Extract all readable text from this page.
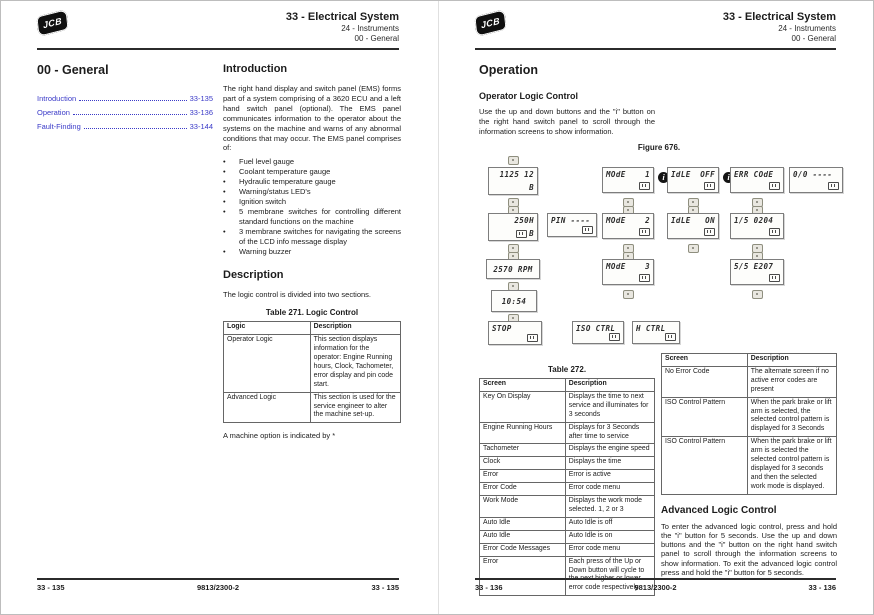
JCB	33 - Electrical System
24 - Instruments
00 - General
00 - General
Introduction	33-135
Operation	33-136
Fault-Finding	33-144
Introduction
The right hand display and switch panel (EMS) forms part of a system comprising of a 3620 ECU and a left hand switch panel (optional). The EMS panel communicates information to the operator about the systems on the machine and warns of any abnormal conditions that may occur. The EMS panel comprises of:
•
Fuel level gauge
•
Coolant temperature gauge
•
Hydraulic temperature gauge
•
Warning/status LED's
•
Ignition switch
•
5 membrane switches for controlling different standard functions on the machine
•
3 membrane switches for navigating the screens of the LCD info message display
•
Warning buzzer
Description
The logic control is divided into two sections.
Table 271. Logic Control
Logic	Description
Operator Logic	This section displays information for the operator: Engine Running hours, Clock, Tachometer, error display and pin code start.
Advanced Logic	This section is used for the service engineer to alter the machine set-up.
A machine option is indicated by *
33 - 135	9813/2300-2	33 - 135
JCB	33 - Electrical System
24 - Instruments
00 - General
Operation
Operator Logic Control
Use the up and down buttons and the "i" button on the right hand switch panel to scroll through the information screens to show information.
Figure 676.
1125 12
B
250H
B
2570 RPM
10:54
STOP
PIN ----
MOdE	1
MOdE	2
MOdE	3
i IdLE OFF
IdLE ON
i ERR COdE
1/5 0204
5/5 E207
0/0 ----
ISO CTRL	H CTRL
Table 272.
Screen	Description
Key On Display	Displays the time to next service and illuminates for 3 seconds
Engine Running Hours	Displays for 3 Seconds after time to service
Tachometer	Displays the engine speed
Clock	Displays the time
Error	Error is active
Error Code	Error code menu
Work Mode	Displays the work mode selected. 1, 2 or 3
Auto Idle	Auto Idle is off
Auto Idle	Auto Idle is on
Error Code Messages	Error code menu
Error	Each press of the Up or Down button will cycle to the next higher or lower error code respectively
Screen	Description
No Error Code	The alternate screen if no active error codes are present
ISO Control Pattern	When the park brake or lift arm is selected, the selected control pattern is displayed for 3 Seconds
ISO Control Pattern	When the park brake or lift arm is selected the selected control pattern is displayed for 3 seconds and then the selected work mode is displayed.
Advanced Logic Control
To enter the advanced logic control, press and hold the "i" button for 5 seconds. Use the up and down buttons and the "i" button on the right hand switch panel to scroll through the information screens to show information. To exit the advanced logic control press and hold the "i" button for 5 seconds.
33 - 136	9813/2300-2	33 - 136
